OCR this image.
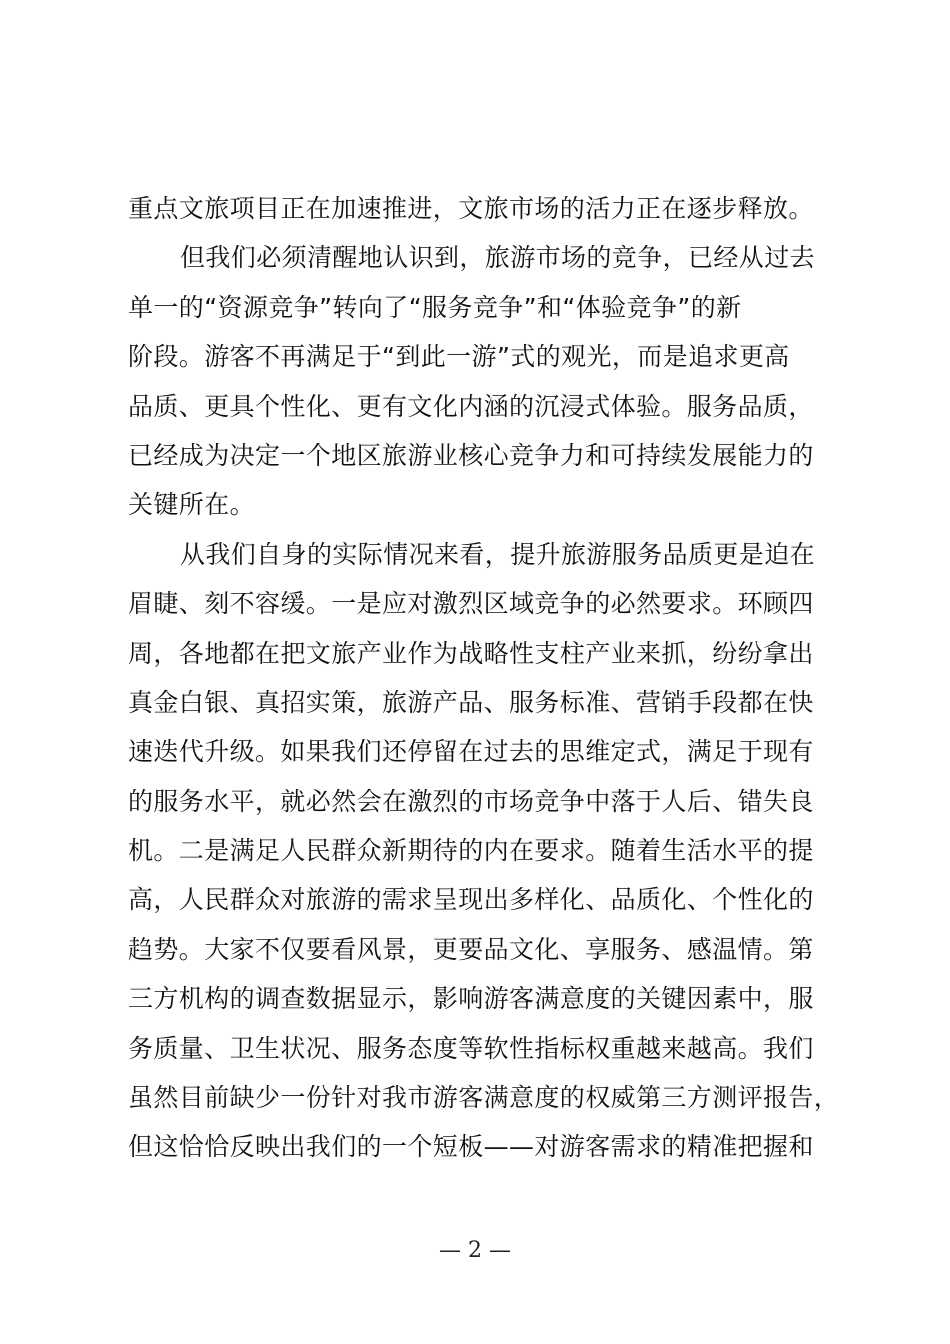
重点文旅项目正在加速推进，文旅市场的活力正在逐步释放。
但我们必须清醒地认识到，旅游市场的竞争，已经从过去
单一的“资源竞争”转向了“服务竞争”和“体验竞争”的新
阶段。游客不再满足于“到此一游”式的观光，而是追求更高
品质、更具个性化、更有文化内涵的沉浸式体验。服务品质，
已经成为决定一个地区旅游业核心竞争力和可持续发展能力的
关键所在。
从我们自身的实际情况来看，提升旅游服务品质更是迫在
眉睫、刻不容缓。一是应对激烈区域竞争的必然要求。环顾四
周，各地都在把文旅产业作为战略性支柱产业来抓，纷纷拿出
真金白银、真招实策，旅游产品、服务标准、营销手段都在快
速迭代升级。如果我们还停留在过去的思维定式，满足于现有
的服务水平，就必然会在激烈的市场竞争中落于人后、错失良
机。二是满足人民群众新期待的内在要求。随着生活水平的提
高，人民群众对旅游的需求呈现出多样化、品质化、个性化的
趋势。大家不仅要看风景，更要品文化、享服务、感温情。第
三方机构的调查数据显示，影响游客满意度的关键因素中，服
务质量、卫生状况、服务态度等软性指标权重越来越高。我们
虽然目前缺少一份针对我市游客满意度的权威第三方测评报告，
但这恰恰反映出我们的一个短板——对游客需求的精准把握和
— 2 —
